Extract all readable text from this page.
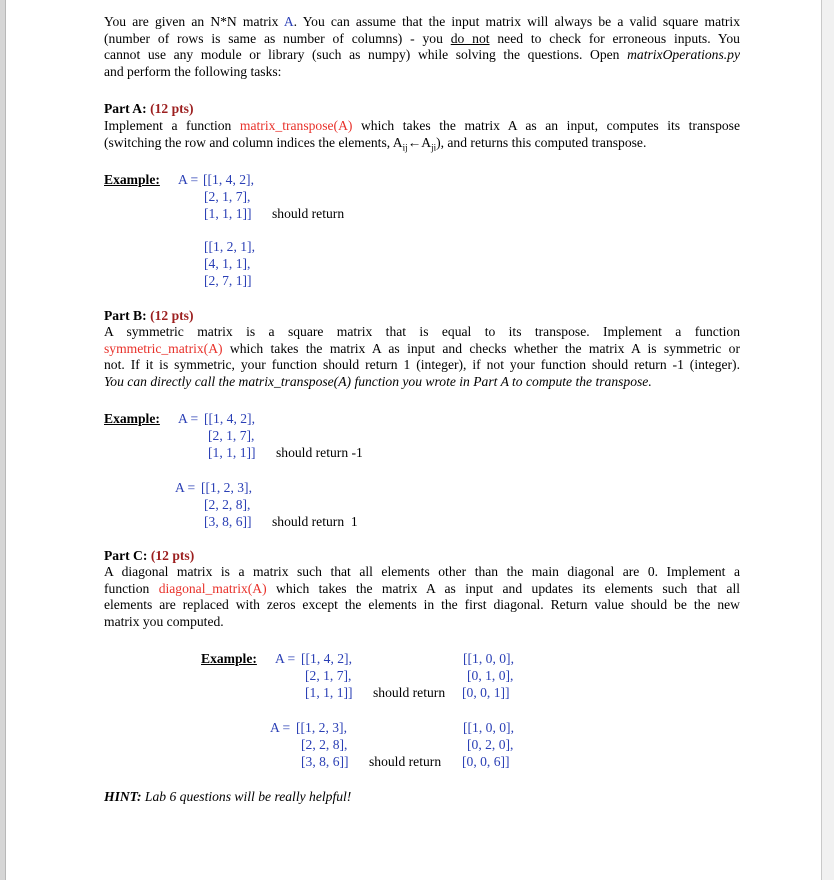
You are given an N*N matrix A. You can assume that the input matrix will always be a valid square matrix
(number of rows is same as number of columns) - you do not need to check for erroneous inputs. You
cannot use any module or library (such as numpy) while solving the questions. Open matrixOperations.py
and perform the following tasks:
Part A: (12 pts)
Implement a function matrix_transpose(A) which takes the matrix A as an input, computes its transpose
(switching the row and column indices the elements, $A_{ij}\leftarrow A_{ji}$), and returns this computed transpose.
Example: A = [[1, 4, 2],
[2, 1, 7],
[1, 1, 1]] should return
[[1, 2, 1],
[4, 1, 1],
[2, 7, 1]]
Part B: (12 pts)
A symmetric matrix is a square matrix that is equal to its transpose. Implement a function
symmetric_matrix(A) which takes the matrix A as input and checks whether the matrix A is symmetric or
not. If it is symmetric, your function should return 1 (integer), if not your function should return -1 (integer).
You can directly call the matrix_transpose(A) function you wrote in Part A to compute the transpose.
Example: A = [[1, 4, 2],
[2, 1, 7],
[1, 1, 1]] should return -1
A = [[1, 2, 3],
[2, 2, 8],
[3, 8, 6]] should return 1
Part C: (12 pts)
A diagonal matrix is a matrix such that all elements other than the main diagonal are 0. Implement a
function diagonal_matrix(A) which takes the matrix A as input and updates its elements such that all
elements are replaced with zeros except the elements in the first diagonal. Return value should be the new
matrix you computed.
Example: A = [[1, 4, 2],
[2, 1, 7],
[1, 1, 1]] should return
[[1, 0, 0],
[0, 1, 0],
[0, 0, 1]]
A = [[1, 2, 3],
[2, 2, 8],
[3, 8, 6]] should return
[[1, 0, 0],
[0, 2, 0],
[0, 0, 6]]
HINT: Lab 6 questions will be really helpful!
